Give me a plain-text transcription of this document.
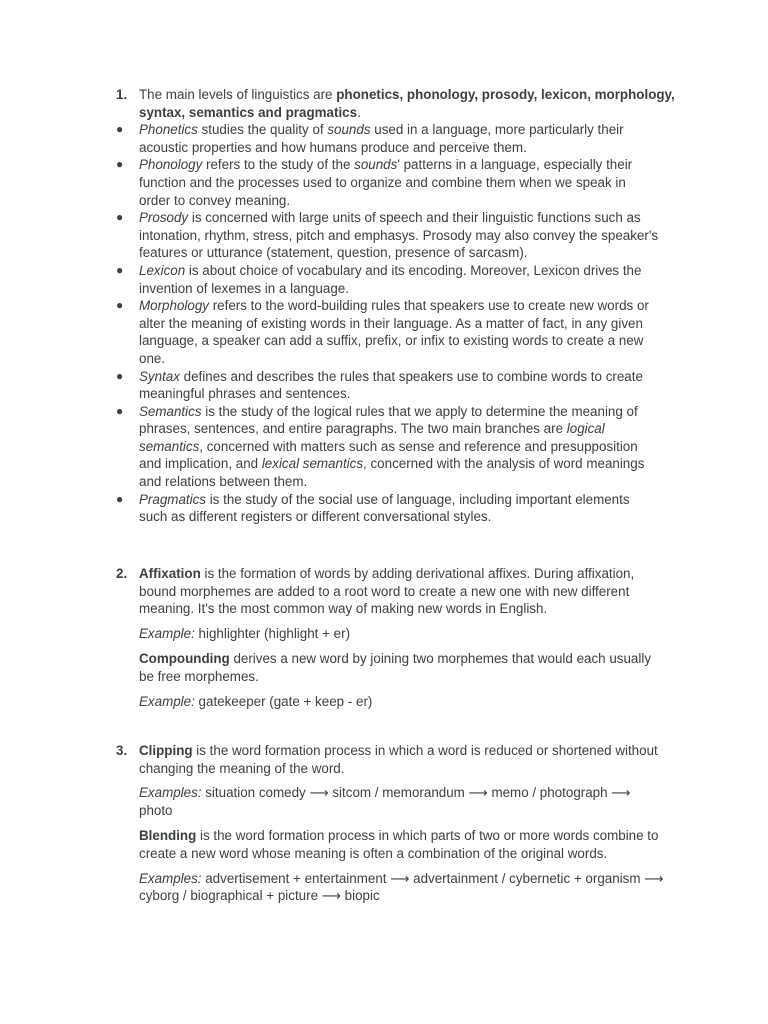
1. The main levels of linguistics are phonetics, phonology, prosody, lexicon, morphology, syntax, semantics and pragmatics.
●	Phonetics studies the quality of sounds used in a language, more particularly their acoustic properties and how humans produce and perceive them.
●	Phonology refers to the study of the sounds' patterns in a language, especially their function and the processes used to organize and combine them when we speak in order to convey meaning.
●	Prosody is concerned with large units of speech and their linguistic functions such as intonation, rhythm, stress, pitch and emphasys. Prosody may also convey the speaker's features or utturance (statement, question, presence of sarcasm).
●	Lexicon is about choice of vocabulary and its encoding. Moreover, Lexicon drives the invention of lexemes in a language.
●	Morphology refers to the word-building rules that speakers use to create new words or alter the meaning of existing words in their language. As a matter of fact, in any given language, a speaker can add a suffix, prefix, or infix to existing words to create a new one.
●	Syntax defines and describes the rules that speakers use to combine words to create meaningful phrases and sentences.
●	Semantics is the study of the logical rules that we apply to determine the meaning of phrases, sentences, and entire paragraphs. The two main branches are logical semantics, concerned with matters such as sense and reference and presupposition and implication, and lexical semantics, concerned with the analysis of word meanings and relations between them.
●	Pragmatics is the study of the social use of language, including important elements such as different registers or different conversational styles.
2. Affixation is the formation of words by adding derivational affixes. During affixation, bound morphemes are added to a root word to create a new one with new different meaning. It's the most common way of making new words in English.
Example: highlighter (highlight + er)
Compounding derives a new word by joining two morphemes that would each usually be free morphemes.
Example: gatekeeper (gate + keep - er)
3. Clipping is the word formation process in which a word is reduced or shortened without changing the meaning of the word.
Examples: situation comedy ⟶ sitcom / memorandum ⟶ memo / photograph ⟶ photo
Blending is the word formation process in which parts of two or more words combine to create a new word whose meaning is often a combination of the original words.
Examples: advertisement + entertainment ⟶ advertainment / cybernetic + organism ⟶ cyborg / biographical + picture ⟶ biopic
